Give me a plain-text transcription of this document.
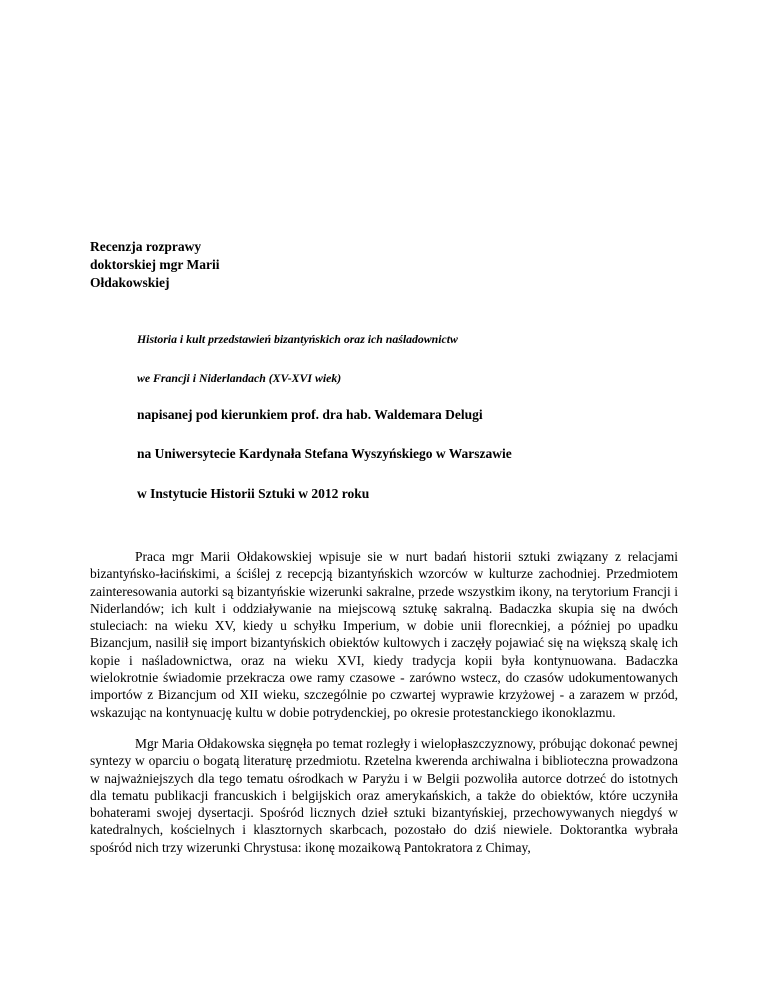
Recenzja rozprawy
doktorskiej mgr Marii
Ołdakowskiej
Historia i kult przedstawień bizantyńskich oraz ich naśladownictw
we Francji i Niderlandach (XV-XVI wiek)
napisanej pod kierunkiem prof. dra hab. Waldemara Delugi
na Uniwersytecie Kardynała Stefana Wyszyńskiego w Warszawie
w Instytucie Historii Sztuki w 2012 roku

Praca mgr Marii Ołdakowskiej wpisuje sie w nurt badań historii sztuki związany z relacjami bizantyńsko-łacińskimi, a ściślej z recepcją bizantyńskich wzorców w kulturze zachodniej. Przedmiotem zainteresowania autorki są bizantyńskie wizerunki sakralne, przede wszystkim ikony, na terytorium Francji i Niderlandów; ich kult i oddziaływanie na miejscową sztukę sakralną. Badaczka skupia się na dwóch stuleciach: na wieku XV, kiedy u schyłku Imperium, w dobie unii florecnkiej, a później po upadku Bizancjum, nasilił się import bizantyńskich obiektów kultowych i zaczęły pojawiać się na większą skalę ich kopie i naśladownictwa, oraz na wieku XVI, kiedy tradycja kopii była kontynuowana. Badaczka wielokrotnie świadomie przekracza owe ramy czasowe - zarówno wstecz, do czasów udokumentowanych importów z Bizancjum od XII wieku, szczególnie po czwartej wyprawie krzyżowej - a zarazem w przód, wskazując na kontynuację kultu w dobie potrydenckiej, po okresie protestanckiego ikonoklazmu.

Mgr Maria Ołdakowska sięgnęła po temat rozległy i wielopłaszczyznowy, próbując dokonać pewnej syntezy w oparciu o bogatą literaturę przedmiotu. Rzetelna kwerenda archiwalna i biblioteczna prowadzona w najważniejszych dla tego tematu ośrodkach w Paryżu i w Belgii pozwoliła autorce dotrzeć do istotnych dla tematu publikacji francuskich i belgijskich oraz amerykańskich, a także do obiektów, które uczyniła bohaterami swojej dysertacji. Spośród licznych dzieł sztuki bizantyńskiej, przechowywanych niegdyś w katedralnych, kościelnych i klasztornych skarbcach, pozostało do dziś niewiele. Doktorantka wybrała spośród nich trzy wizerunki Chrystusa: ikonę mozaikową Pantokratora z Chimay,
